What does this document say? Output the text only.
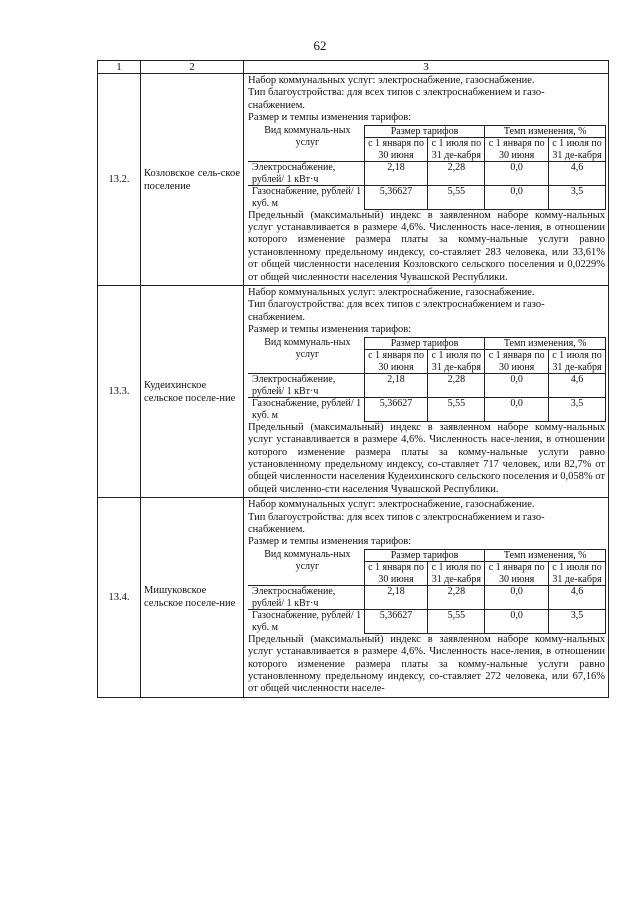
62
1	2	3
13.2.	Козловское сель-ское поселение	
Набор коммунальных услуг: электроснабжение, газоснабжение.
Тип благоустройства: для всех типов с электроснабжением и газо-
снабжением.
Размер и темпы изменения тарифов:
Вид коммуналь-ных услуг	Размер тарифов	Темп изменения, %
с 1 января по 30 июня	с 1 июля по 31 де-кабря	с 1 января по 30 июня	с 1 июля по 31 де-кабря
Электроснабжение, рублей/ 1 кВт·ч	2,18	2,28	0,0	4,6
Газоснабжение, рублей/ 1 куб. м	5,36627	5,55	0,0	3,5
Предельный (максимальный) индекс в заявленном наборе комму-нальных услуг устанавливается в размере 4,6%. Численность насе-ления, в отношении которого изменение размера платы за комму-нальные услуги равно установленному предельному индексу, со-ставляет 283 человека, или 33,61% от общей численности населения Козловского сельского поселения и 0,0229% от общей численности населения Чувашской Республики.

13.3.	Кудеихинское сельское поселе-ние	
Набор коммунальных услуг: электроснабжение, газоснабжение.
Тип благоустройства: для всех типов с электроснабжением и газо-
снабжением.
Размер и темпы изменения тарифов:
Вид коммуналь-ных услуг	Размер тарифов	Темп изменения, %
с 1 января по 30 июня	с 1 июля по 31 де-кабря	с 1 января по 30 июня	с 1 июля по 31 де-кабря
Электроснабжение, рублей/ 1 кВт·ч	2,18	2,28	0,0	4,6
Газоснабжение, рублей/ 1 куб. м	5,36627	5,55	0,0	3,5
Предельный (максимальный) индекс в заявленном наборе комму-нальных услуг устанавливается в размере 4,6%. Численность насе-ления, в отношении которого изменение размера платы за комму-нальные услуги равно установленному предельному индексу, со-ставляет 717 человек, или 82,7% от общей численности населения Кудеихинского сельского поселения и 0,058% от общей численно-сти населения Чувашской Республики.

13.4.	Мишуковское сельское поселе-ние	
Набор коммунальных услуг: электроснабжение, газоснабжение.
Тип благоустройства: для всех типов с электроснабжением и газо-
снабжением.
Размер и темпы изменения тарифов:
Вид коммуналь-ных услуг	Размер тарифов	Темп изменения, %
с 1 января по 30 июня	с 1 июля по 31 де-кабря	с 1 января по 30 июня	с 1 июля по 31 де-кабря
Электроснабжение, рублей/ 1 кВт·ч	2,18	2,28	0,0	4,6
Газоснабжение, рублей/ 1 куб. м	5,36627	5,55	0,0	3,5
Предельный (максимальный) индекс в заявленном наборе комму-нальных услуг устанавливается в размере 4,6%. Численность насе-ления, в отношении которого изменение размера платы за комму-нальные услуги равно установленному предельному индексу, со-ставляет 272 человека, или 67,16% от общей численности населе-
